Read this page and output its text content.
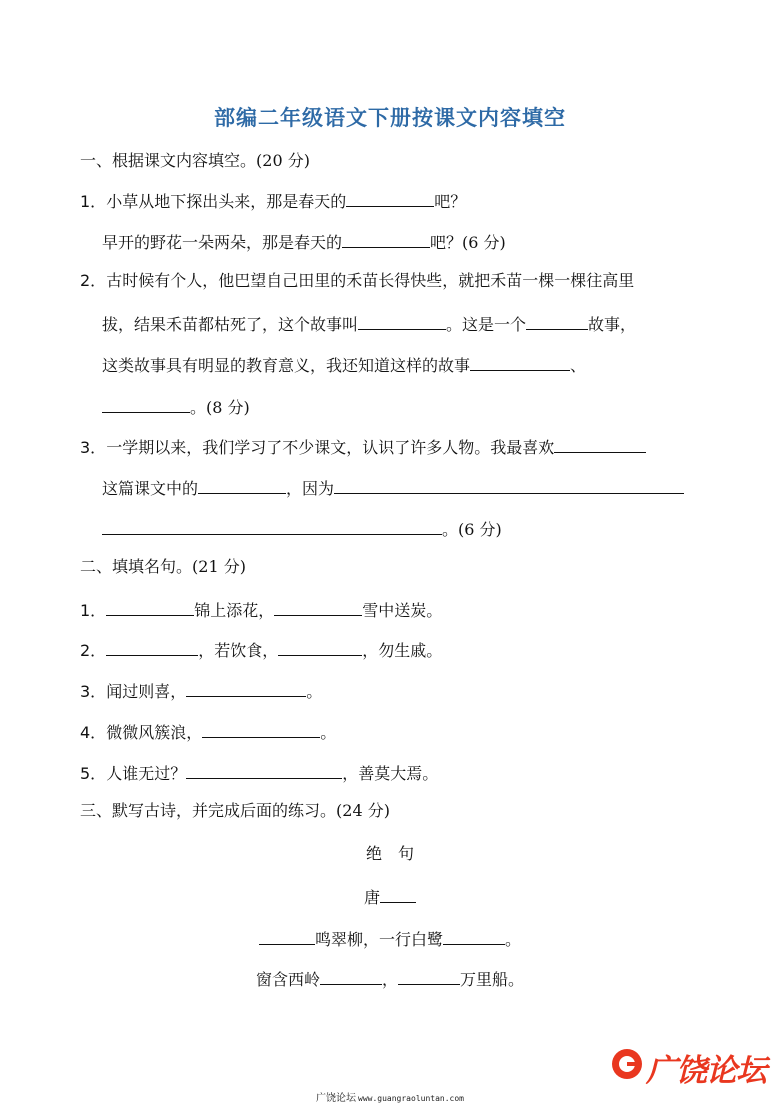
部编二年级语文下册按课文内容填空
一、根据课文内容填空。(20 分)
1．小草从地下探出头来，那是春天的	吧？
早开的野花一朵两朵，那是春天的	吧？(6 分)
2．古时候有个人，他巴望自己田里的禾苗长得快些，就把禾苗一棵一棵往高里
拔，结果禾苗都枯死了，这个故事叫	。这是一个	故事，
这类故事具有明显的教育意义，我还知道这样的故事	、
。(8 分)
3．一学期以来，我们学习了不少课文，认识了许多人物。我最喜欢
这篇课文中的	，因为
。(6 分)
二、填填名句。(21 分)
1．	锦上添花，	雪中送炭。
2．	，若饮食，	，勿生戚。
3．闻过则喜，	。
4．微微风簇浪，	。
5．人谁无过？	，善莫大焉。
三、默写古诗，并完成后面的练习。(24 分)
绝　句
唐
鸣翠柳，一行白鹭	。
窗含西岭	，	万里船。
广饶论坛
广饶论坛 www.guangraoluntan.com
